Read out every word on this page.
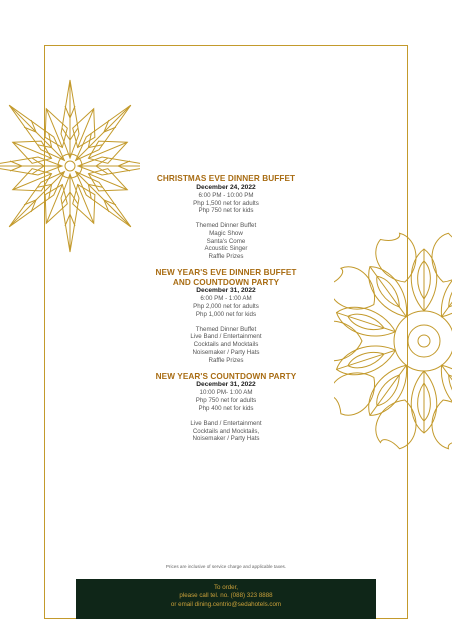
CHRISTMAS EVE DINNER BUFFET
December 24, 2022
6:00 PM - 10:00 PM
Php 1,500 net for adults
Php 750 net for kids
Themed Dinner Buffet
Magic Show
Santa's Come
Acoustic Singer
Raffle Prizes
NEW YEAR'S EVE DINNER BUFFET
AND COUNTDOWN PARTY
December 31, 2022
6:00 PM - 1:00 AM
Php 2,000 net for adults
Php 1,000 net for kids
Themed Dinner Buffet
Live Band / Entertainment
Cocktails and Mocktails
Noisemaker / Party Hats
Raffle Prizes
NEW YEAR'S COUNTDOWN PARTY
December 31, 2022
10:00 PM- 1:00 AM
Php 750 net for adults
Php 400 net for kids
Live Band / Entertainment
Cocktails and Mocktails,
Noisemaker / Party Hats
Prices are inclusive of service charge and applicable taxes.
To order,
please call tel. no. (088) 323 8888
or email dining.centrio@sedahotels.com
